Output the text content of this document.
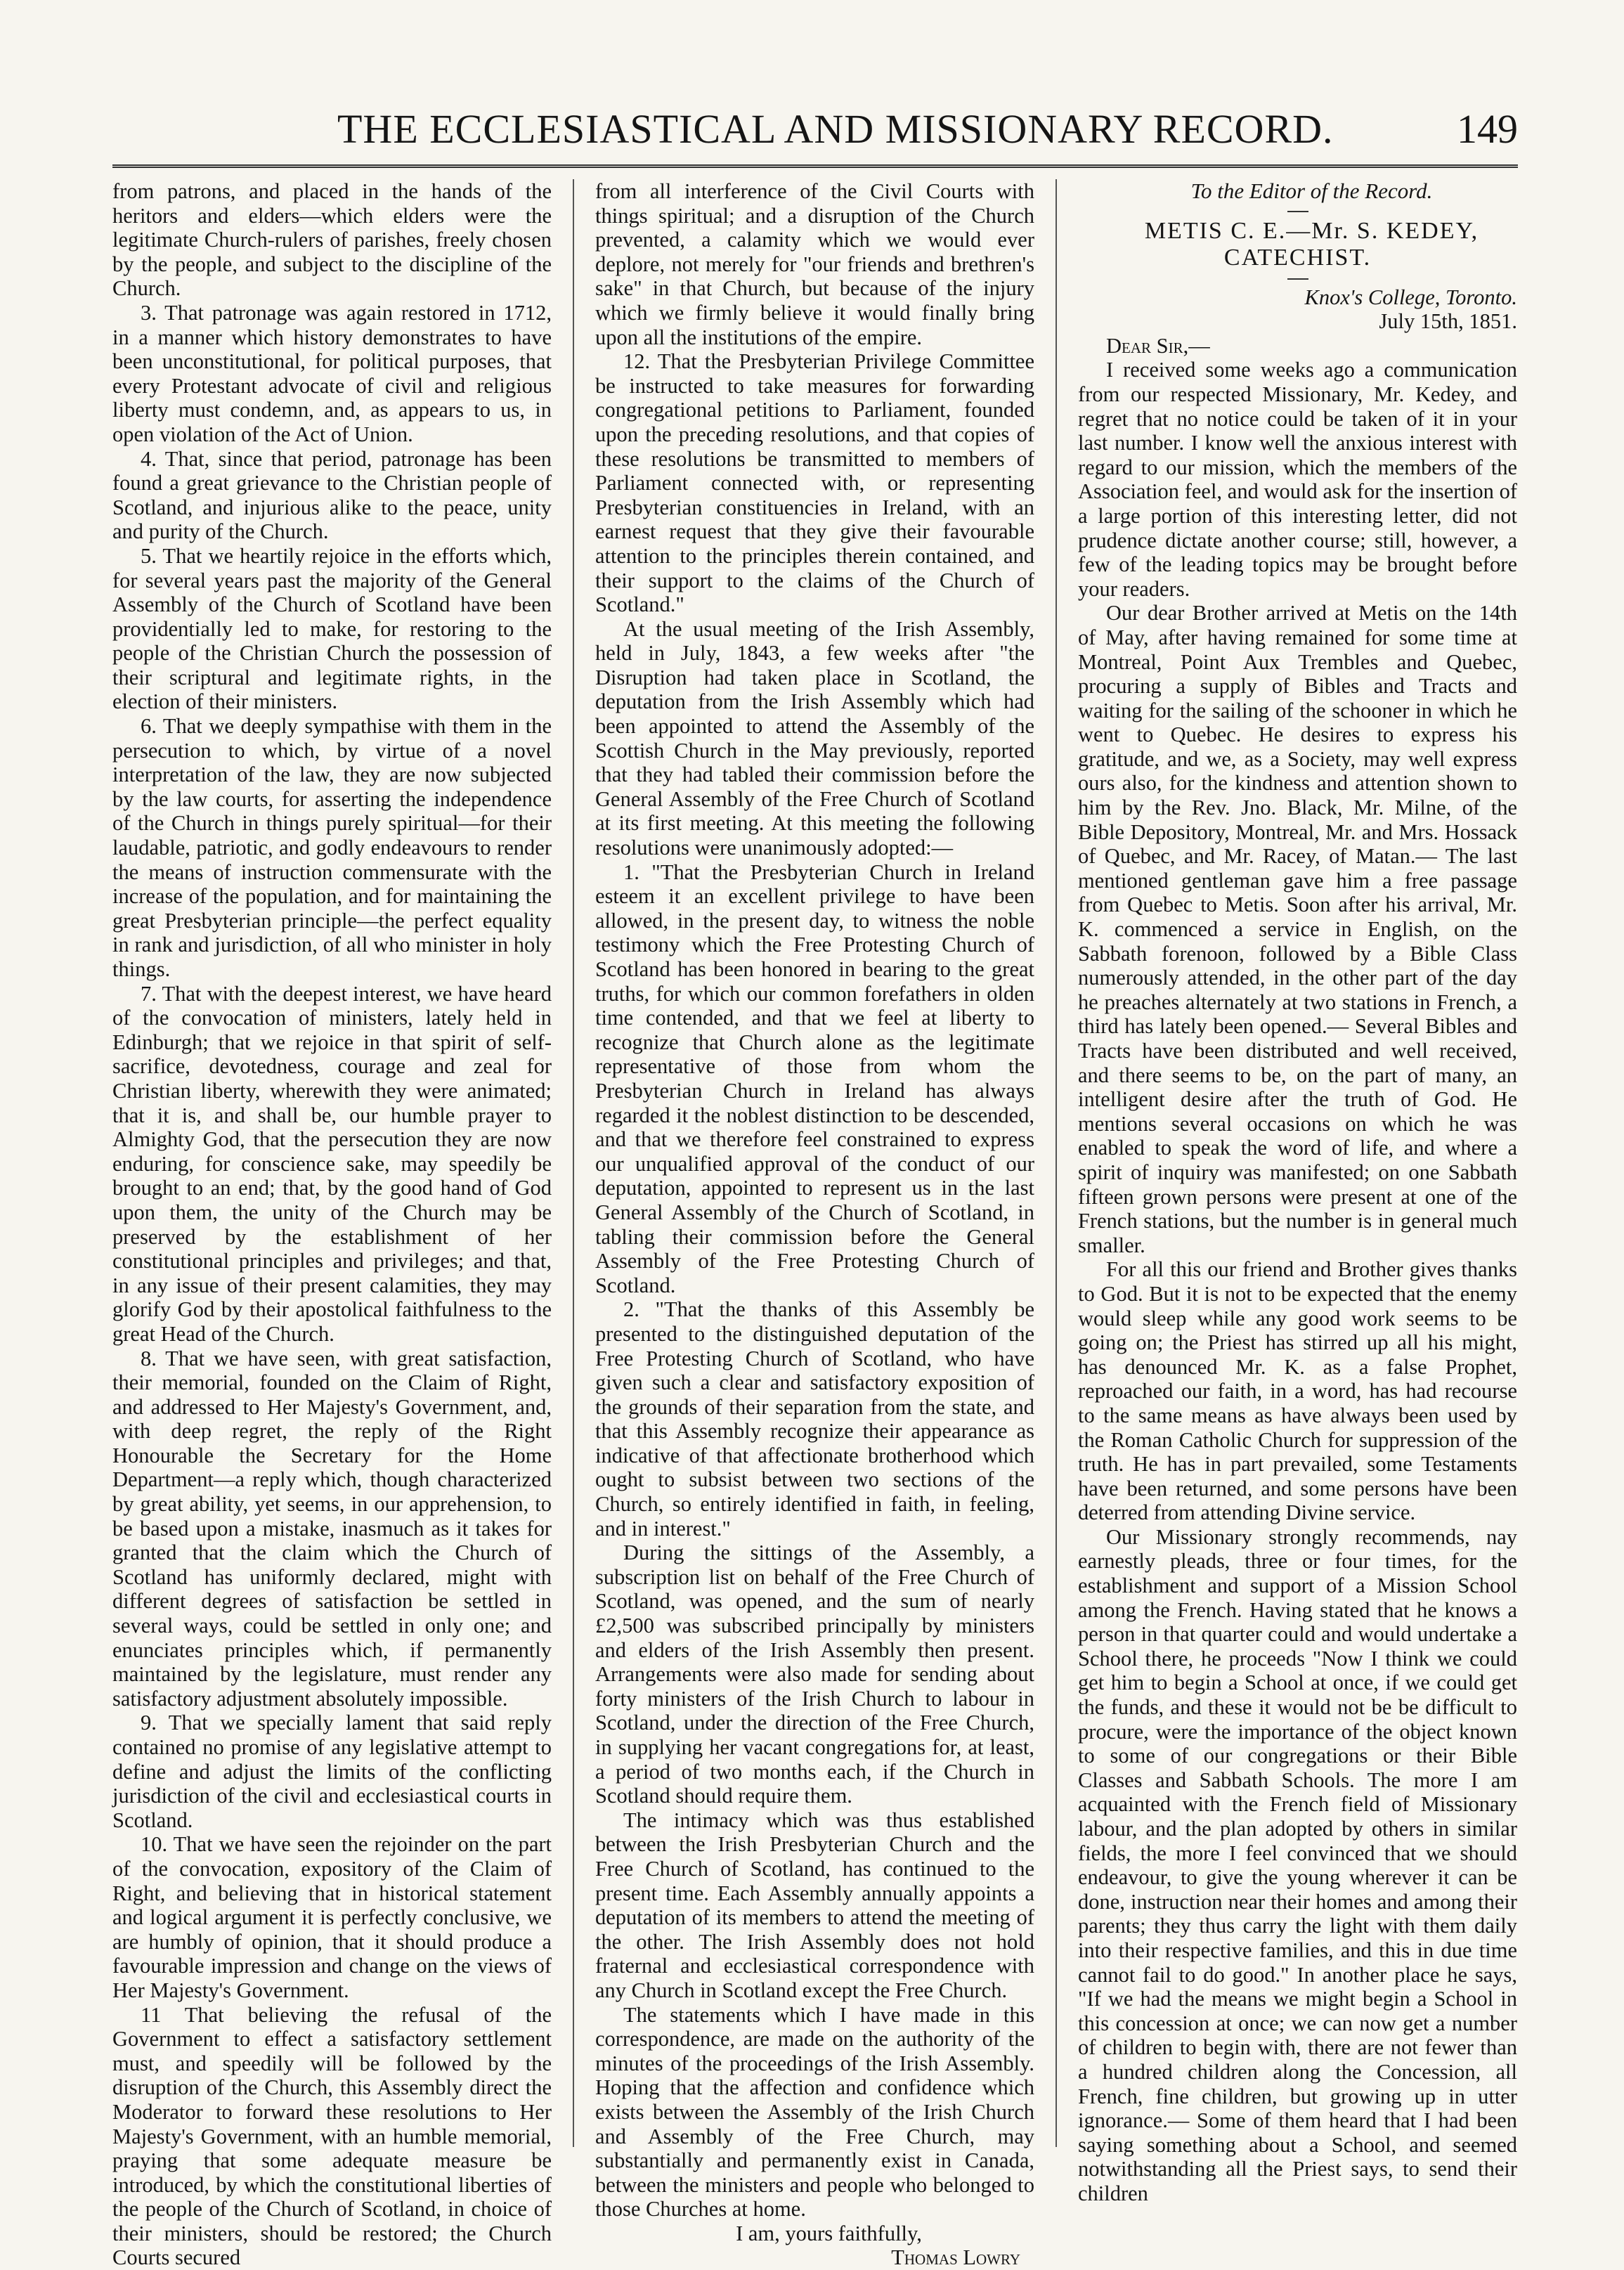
THE ECCLESIASTICAL AND MISSIONARY RECORD.	149

from patrons, and placed in the hands of the heritors and elders—which elders were the legitimate Church-rulers of parishes, freely chosen by the people, and subject to the discipline of the Church.

3. That patronage was again restored in 1712, in a manner which history demonstrates to have been unconstitutional, for political purposes, that every Protestant advocate of civil and religious liberty must condemn, and, as appears to us, in open violation of the Act of Union.

4. That, since that period, patronage has been found a great grievance to the Christian people of Scotland, and injurious alike to the peace, unity and purity of the Church.

5. That we heartily rejoice in the efforts which, for several years past the majority of the General Assembly of the Church of Scotland have been providentially led to make, for restoring to the people of the Christian Church the possession of their scriptural and legitimate rights, in the election of their ministers.

6. That we deeply sympathise with them in the persecution to which, by virtue of a novel interpretation of the law, they are now subjected by the law courts, for asserting the independence of the Church in things purely spiritual—for their laudable, patriotic, and godly endeavours to render the means of instruction commensurate with the increase of the population, and for maintaining the great Presbyterian principle—the perfect equality in rank and jurisdiction, of all who minister in holy things.

7. That with the deepest interest, we have heard of the convocation of ministers, lately held in Edinburgh; that we rejoice in that spirit of self-sacrifice, devotedness, courage and zeal for Christian liberty, wherewith they were animated; that it is, and shall be, our humble prayer to Almighty God, that the persecution they are now enduring, for conscience sake, may speedily be brought to an end; that, by the good hand of God upon them, the unity of the Church may be preserved by the establishment of her constitutional principles and privileges; and that, in any issue of their present calamities, they may glorify God by their apostolical faithfulness to the great Head of the Church.

8. That we have seen, with great satisfaction, their memorial, founded on the Claim of Right, and addressed to Her Majesty's Government, and, with deep regret, the reply of the Right Honourable the Secretary for the Home Department—a reply which, though characterized by great ability, yet seems, in our apprehension, to be based upon a mistake, inasmuch as it takes for granted that the claim which the Church of Scotland has uniformly declared, might with different degrees of satisfaction be settled in several ways, could be settled in only one; and enunciates principles which, if permanently maintained by the legislature, must render any satisfactory adjustment absolutely impossible.

9. That we specially lament that said reply contained no promise of any legislative attempt to define and adjust the limits of the conflicting jurisdiction of the civil and ecclesiastical courts in Scotland.

10. That we have seen the rejoinder on the part of the convocation, expository of the Claim of Right, and believing that in historical statement and logical argument it is perfectly conclusive, we are humbly of opinion, that it should produce a favourable impression and change on the views of Her Majesty's Government.

11 That believing the refusal of the Government to effect a satisfactory settlement must, and speedily will be followed by the disruption of the Church, this Assembly direct the Moderator to forward these resolutions to Her Majesty's Government, with an humble memorial, praying that some adequate measure be introduced, by which the constitutional liberties of the people of the Church of Scotland, in choice of their ministers, should be restored; the Church Courts secured

from all interference of the Civil Courts with things spiritual; and a disruption of the Church prevented, a calamity which we would ever deplore, not merely for "our friends and brethren's sake" in that Church, but because of the injury which we firmly believe it would finally bring upon all the institutions of the empire.

12. That the Presbyterian Privilege Committee be instructed to take measures for forwarding congregational petitions to Parliament, founded upon the preceding resolutions, and that copies of these resolutions be transmitted to members of Parliament connected with, or representing Presbyterian constituencies in Ireland, with an earnest request that they give their favourable attention to the principles therein contained, and their support to the claims of the Church of Scotland."

At the usual meeting of the Irish Assembly, held in July, 1843, a few weeks after "the Disruption had taken place in Scotland, the deputation from the Irish Assembly which had been appointed to attend the Assembly of the Scottish Church in the May previously, reported that they had tabled their commission before the General Assembly of the Free Church of Scotland at its first meeting. At this meeting the following resolutions were unanimously adopted:—

1. "That the Presbyterian Church in Ireland esteem it an excellent privilege to have been allowed, in the present day, to witness the noble testimony which the Free Protesting Church of Scotland has been honored in bearing to the great truths, for which our common forefathers in olden time contended, and that we feel at liberty to recognize that Church alone as the legitimate representative of those from whom the Presbyterian Church in Ireland has always regarded it the noblest distinction to be descended, and that we therefore feel constrained to express our unqualified approval of the conduct of our deputation, appointed to represent us in the last General Assembly of the Church of Scotland, in tabling their commission before the General Assembly of the Free Protesting Church of Scotland.

2. "That the thanks of this Assembly be presented to the distinguished deputation of the Free Protesting Church of Scotland, who have given such a clear and satisfactory exposition of the grounds of their separation from the state, and that this Assembly recognize their appearance as indicative of that affectionate brotherhood which ought to subsist between two sections of the Church, so entirely identified in faith, in feeling, and in interest."

During the sittings of the Assembly, a subscription list on behalf of the Free Church of Scotland, was opened, and the sum of nearly £2,500 was subscribed principally by ministers and elders of the Irish Assembly then present. Arrangements were also made for sending about forty ministers of the Irish Church to labour in Scotland, under the direction of the Free Church, in supplying her vacant congregations for, at least, a period of two months each, if the Church in Scotland should require them.

The intimacy which was thus established between the Irish Presbyterian Church and the Free Church of Scotland, has continued to the present time. Each Assembly annually appoints a deputation of its members to attend the meeting of the other. The Irish Assembly does not hold fraternal and ecclesiastical correspondence with any Church in Scotland except the Free Church.

The statements which I have made in this correspondence, are made on the authority of the minutes of the proceedings of the Irish Assembly. Hoping that the affection and confidence which exists between the Assembly of the Irish Church and Assembly of the Free Church, may substantially and permanently exist in Canada, between the ministers and people who belonged to those Churches at home.

I am, yours faithfully,

Thomas Lowry

To the Editor of the Record.

METIS C. E.—Mr. S. KEDEY, CATECHIST.

Knox's College, Toronto.

July 15th, 1851.

Dear Sir,—

I received some weeks ago a communication from our respected Missionary, Mr. Kedey, and regret that no notice could be taken of it in your last number. I know well the anxious interest with regard to our mission, which the members of the Association feel, and would ask for the insertion of a large portion of this interesting letter, did not prudence dictate another course; still, however, a few of the leading topics may be brought before your readers.

Our dear Brother arrived at Metis on the 14th of May, after having remained for some time at Montreal, Point Aux Trembles and Quebec, procuring a supply of Bibles and Tracts and waiting for the sailing of the schooner in which he went to Quebec. He desires to express his gratitude, and we, as a Society, may well express ours also, for the kindness and attention shown to him by the Rev. Jno. Black, Mr. Milne, of the Bible Depository, Montreal, Mr. and Mrs. Hossack of Quebec, and Mr. Racey, of Matan.— The last mentioned gentleman gave him a free passage from Quebec to Metis. Soon after his arrival, Mr. K. commenced a service in English, on the Sabbath forenoon, followed by a Bible Class numerously attended, in the other part of the day he preaches alternately at two stations in French, a third has lately been opened.— Several Bibles and Tracts have been distributed and well received, and there seems to be, on the part of many, an intelligent desire after the truth of God. He mentions several occasions on which he was enabled to speak the word of life, and where a spirit of inquiry was manifested; on one Sabbath fifteen grown persons were present at one of the French stations, but the number is in general much smaller.

For all this our friend and Brother gives thanks to God. But it is not to be expected that the enemy would sleep while any good work seems to be going on; the Priest has stirred up all his might, has denounced Mr. K. as a false Prophet, reproached our faith, in a word, has had recourse to the same means as have always been used by the Roman Catholic Church for suppression of the truth. He has in part prevailed, some Testaments have been returned, and some persons have been deterred from attending Divine service.

Our Missionary strongly recommends, nay earnestly pleads, three or four times, for the establishment and support of a Mission School among the French. Having stated that he knows a person in that quarter could and would undertake a School there, he proceeds "Now I think we could get him to begin a School at once, if we could get the funds, and these it would not be be difficult to procure, were the importance of the object known to some of our congregations or their Bible Classes and Sabbath Schools. The more I am acquainted with the French field of Missionary labour, and the plan adopted by others in similar fields, the more I feel convinced that we should endeavour, to give the young wherever it can be done, instruction near their homes and among their parents; they thus carry the light with them daily into their respective families, and this in due time cannot fail to do good." In another place he says, "If we had the means we might begin a School in this concession at once; we can now get a number of children to begin with, there are not fewer than a hundred children along the Concession, all French, fine children, but growing up in utter ignorance.— Some of them heard that I had been saying something about a School, and seemed notwithstanding all the Priest says, to send their children
